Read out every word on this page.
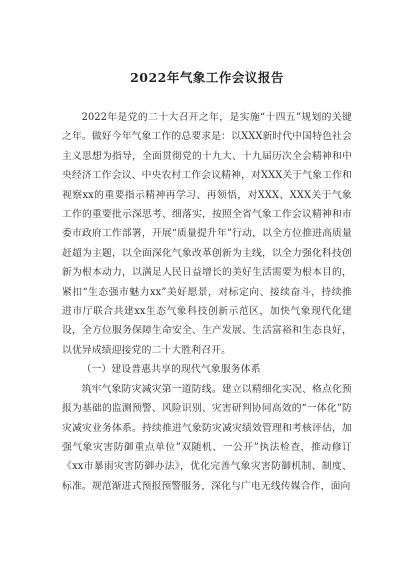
2022年气象工作会议报告

2022年是党的二十大召开之年，是实施“十四五”规划的关键之年。做好今年气象工作的总要求是：以XXX新时代中国特色社会主义思想为指导，全面贯彻党的十九大、十九届历次全会精神和中央经济工作会议、中央农村工作会议精神，对XXX关于气象工作和视察xx的重要指示精神再学习、再领悟，对XXX、XXX关于气象工作的重要批示深思考、细落实，按照全省气象工作会议精神和市委市政府工作部署，开展“质量提升年”行动，以全方位推进高质量赶超为主题，以全面深化气象改革创新为主线，以全力强化科技创新为根本动力，以满足人民日益增长的美好生活需要为根本目的，紧扣“生态强市魅力xx”美好愿景，对标定向、接续奋斗，持续推进市厅联合共建xx生态气象科技创新示范区，加快气象现代化建设，全方位服务保障生命安全、生产发展、生活富裕和生态良好，以优异成绩迎接党的二十大胜利召开。

（一）建设普惠共享的现代气象服务体系

筑牢气象防灾减灾第一道防线。建立以精细化实况、格点化预报为基础的监测预警、风险识别、灾害研判协同高效的“一体化”防灾减灾业务体系。持续推进气象防灾减灾绩效管理和考核评估，加强气象灾害防御重点单位”双随机、一公开”执法检查，推动修订《xx市暴雨灾害防御办法》，优化完善气象灾害防御机制、制度、标准。规范渐进式预报预警服务，深化与广电无线传媒合作，面向
